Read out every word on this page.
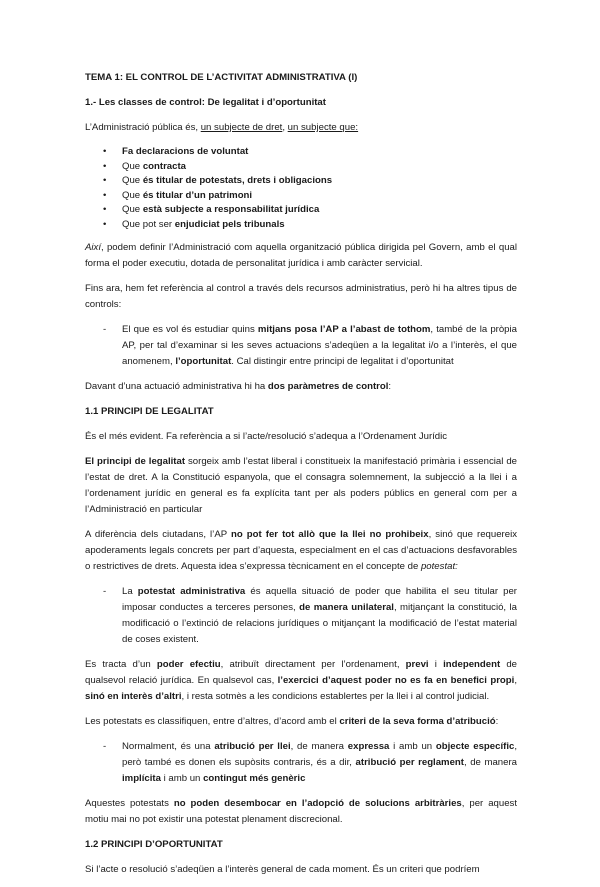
TEMA 1: EL CONTROL DE L’ACTIVITAT ADMINISTRATIVA (I)
1.- Les classes de control: De legalitat i d’oportunitat

L’Administració pública és, un subjecte de dret, un subjecte que:

• Fa declaracions de voluntat
• Que contracta
• Que és titular de potestats, drets i obligacions
• Que és titular d’un patrimoni
• Que està subjecte a responsabilitat jurídica
• Que pot ser enjudiciat pels tribunals

Així, podem definir l’Administració com aquella organització pública dirigida pel Govern, amb el qual forma el poder executiu, dotada de personalitat jurídica i amb caràcter servicial.

Fins ara, hem fet referència al control a través dels recursos administratius, però hi ha altres tipus de controls:

- El que es vol és estudiar quins mitjans posa l’AP a l’abast de tothom, també de la pròpia AP, per tal d’examinar si les seves actuacions s’adeqüen a la legalitat i/o a l’interès, el que anomenem, l’oportunitat. Cal distingir entre principi de legalitat i d’oportunitat

Davant d’una actuació administrativa hi ha dos paràmetres de control:

1.1 PRINCIPI DE LEGALITAT

És el més evident. Fa referència a si l’acte/resolució s’adequa a l’Ordenament Jurídic

El principi de legalitat sorgeix amb l’estat liberal i constitueix la manifestació primària i essencial de l’estat de dret. A la Constitució espanyola, que el consagra solemnement, la subjecció a la llei i a l’ordenament jurídic en general es fa explícita tant per als poders públics en general com per a l’Administració en particular

A diferència dels ciutadans, l’AP no pot fer tot allò que la llei no prohibeix, sinó que requereix apoderaments legals concrets per part d’aquesta, especialment en el cas d’actuacions desfavorables o restrictives de drets. Aquesta idea s’expressa tècnicament en el concepte de potestat:

- La potestat administrativa és aquella situació de poder que habilita el seu titular per imposar conductes a terceres persones, de manera unilateral, mitjançant la constitució, la modificació o l’extinció de relacions jurídiques o mitjançant la modificació de l’estat material de coses existent.

Es tracta d’un poder efectiu, atribuït directament per l’ordenament, previ i independent de qualsevol relació jurídica. En qualsevol cas, l’exercici d’aquest poder no es fa en benefici propi, sinó en interès d’altri, i resta sotmès a les condicions establertes per la llei i al control judicial.

Les potestats es classifiquen, entre d’altres, d’acord amb el criteri de la seva forma d’atribució:

- Normalment, és una atribució per llei, de manera expressa i amb un objecte específic, però també es donen els supòsits contraris, és a dir, atribució per reglament, de manera implícita i amb un contingut més genèric

Aquestes potestats no poden desembocar en l’adopció de solucions arbitràries, per aquest motiu mai no pot existir una potestat plenament discrecional.

1.2 PRINCIPI D’OPORTUNITAT

Si l’acte o resolució s’adeqüen a l’interès general de cada moment. És un criteri que podríem
